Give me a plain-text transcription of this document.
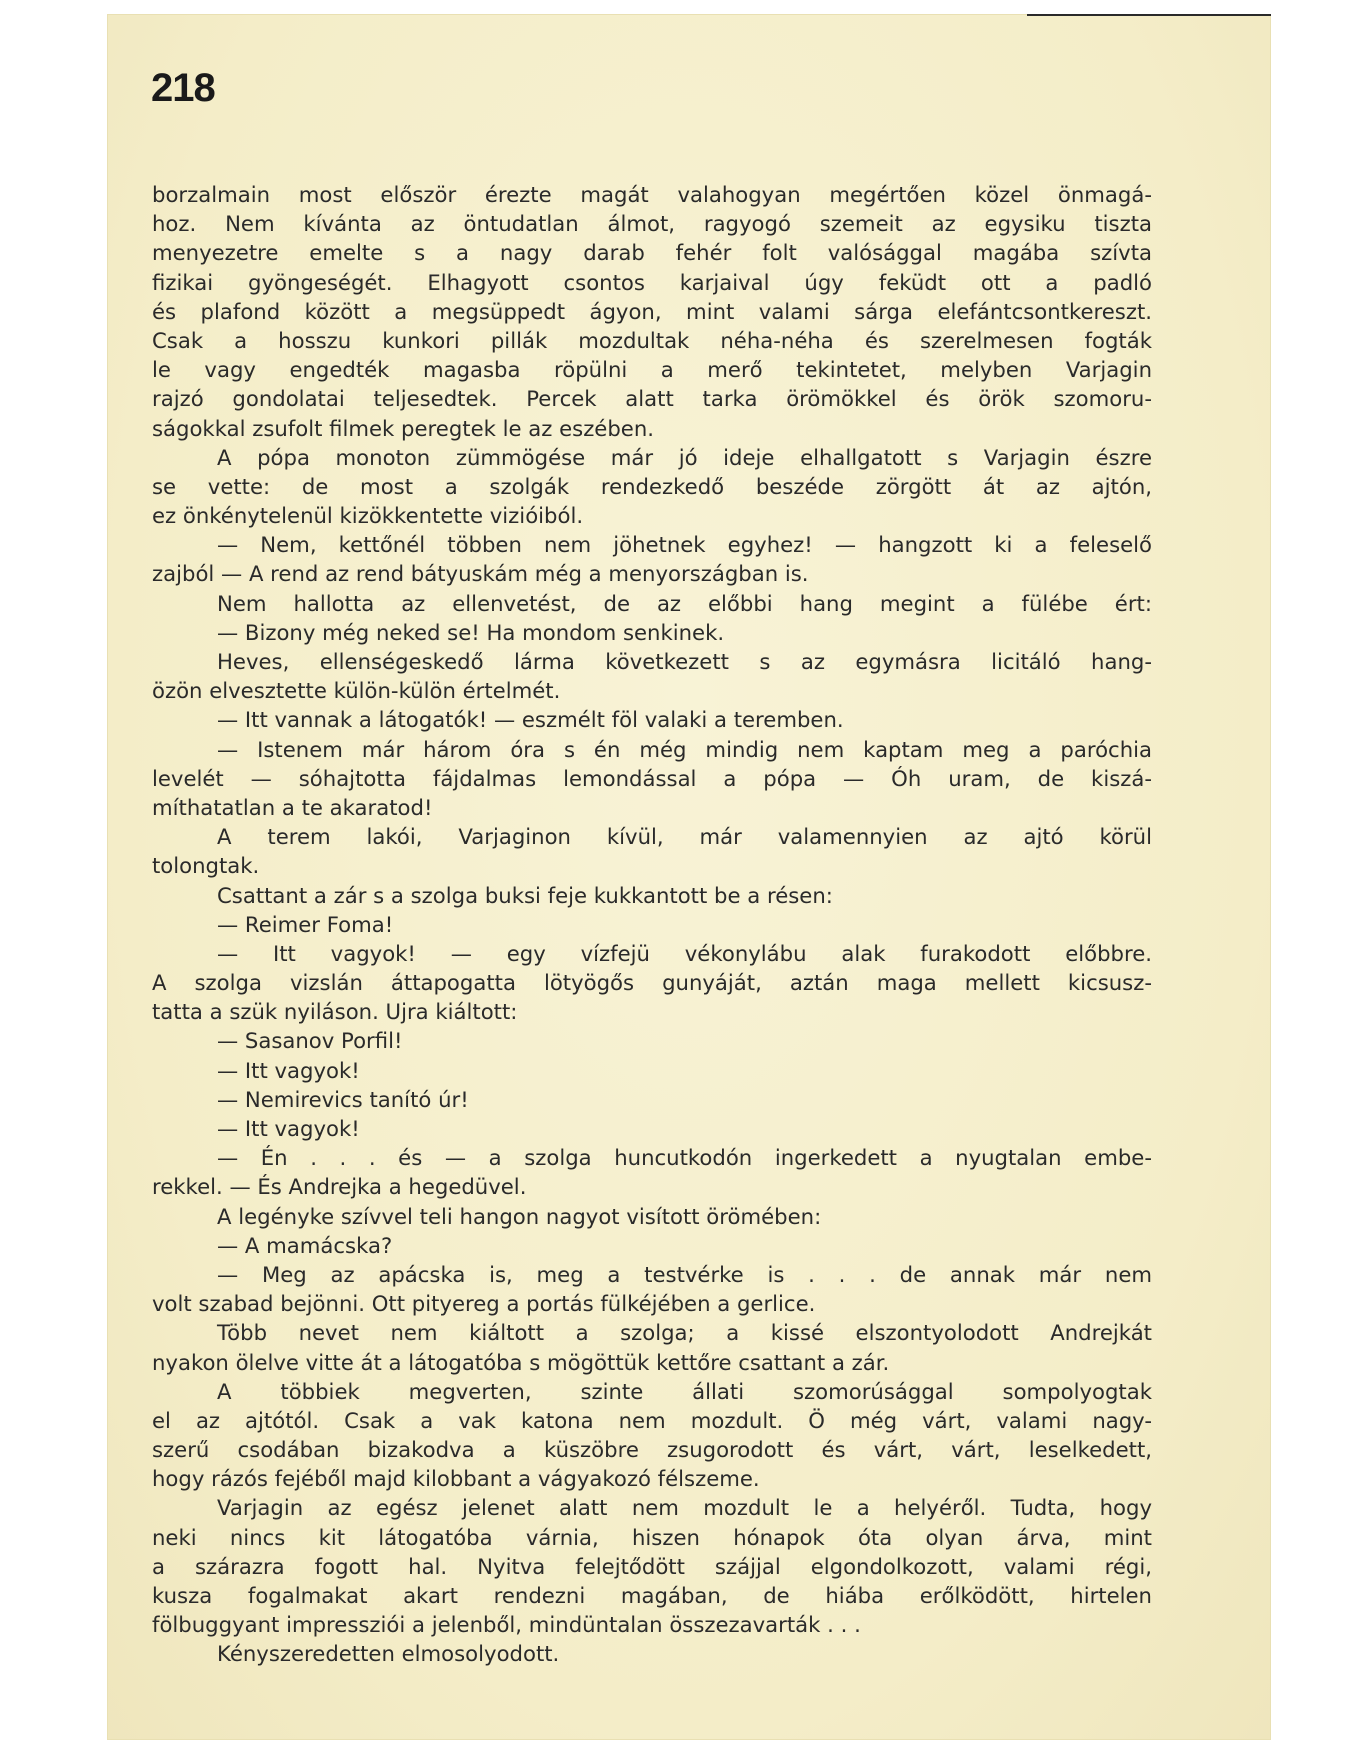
218
borzalmain most először érezte magát valahogyan megértően közel önmagá-
hoz. Nem kívánta az öntudatlan álmot, ragyogó szemeit az egysiku tiszta
menyezetre emelte s a nagy darab fehér folt valósággal magába szívta
fizikai gyöngeségét. Elhagyott csontos karjaival úgy feküdt ott a padló
és plafond között a megsüppedt ágyon, mint valami sárga elefántcsontkereszt.
Csak a hosszu kunkori pillák mozdultak néha-néha és szerelmesen fogták
le vagy engedték magasba röpülni a merő tekintetet, melyben Varjagin
rajzó gondolatai teljesedtek. Percek alatt tarka örömökkel és örök szomoru-
ságokkal zsufolt filmek peregtek le az eszében.
A pópa monoton zümmögése már jó ideje elhallgatott s Varjagin észre
se vette: de most a szolgák rendezkedő beszéde zörgött át az ajtón,
ez önkénytelenül kizökkentette vizióiból.
— Nem, kettőnél többen nem jöhetnek egyhez! — hangzott ki a feleselő
zajból — A rend az rend bátyuskám még a menyországban is.
Nem hallotta az ellenvetést, de az előbbi hang megint a fülébe ért:
— Bizony még neked se! Ha mondom senkinek.
Heves, ellenségeskedő lárma következett s az egymásra licitáló hang-
özön elvesztette külön-külön értelmét.
— Itt vannak a látogatók! — eszmélt föl valaki a teremben.
— Istenem már három óra s én még mindig nem kaptam meg a paróchia
levelét — sóhajtotta fájdalmas lemondással a pópa — Óh uram, de kiszá-
míthatatlan a te akaratod!
A terem lakói, Varjaginon kívül, már valamennyien az ajtó körül
tolongtak.
Csattant a zár s a szolga buksi feje kukkantott be a résen:
— Reimer Foma!
— Itt vagyok! — egy vízfejü vékonylábu alak furakodott előbbre.
A szolga vizslán áttapogatta lötyögős gunyáját, aztán maga mellett kicsusz-
tatta a szük nyiláson. Ujra kiáltott:
— Sasanov Porfil!
— Itt vagyok!
— Nemirevics tanító úr!
— Itt vagyok!
— Én . . . és — a szolga huncutkodón ingerkedett a nyugtalan embe-
rekkel. — És Andrejka a hegedüvel.
A legényke szívvel teli hangon nagyot visított örömében:
— A mamácska?
— Meg az apácska is, meg a testvérke is . . . de annak már nem
volt szabad bejönni. Ott pityereg a portás fülkéjében a gerlice.
Több nevet nem kiáltott a szolga; a kissé elszontyolodott Andrejkát
nyakon ölelve vitte át a látogatóba s mögöttük kettőre csattant a zár.
A többiek megverten, szinte állati szomorúsággal sompolyogtak
el az ajtótól. Csak a vak katona nem mozdult. Ö még várt, valami nagy-
szerű csodában bizakodva a küszöbre zsugorodott és várt, várt, leselkedett,
hogy rázós fejéből majd kilobbant a vágyakozó félszeme.
Varjagin az egész jelenet alatt nem mozdult le a helyéről. Tudta, hogy
neki nincs kit látogatóba várnia, hiszen hónapok óta olyan árva, mint
a szárazra fogott hal. Nyitva felejtődött szájjal elgondolkozott, valami régi,
kusza fogalmakat akart rendezni magában, de hiába erőlködött, hirtelen
fölbuggyant impressziói a jelenből, mindüntalan összezavarták . . .
Kényszeredetten elmosolyodott.
